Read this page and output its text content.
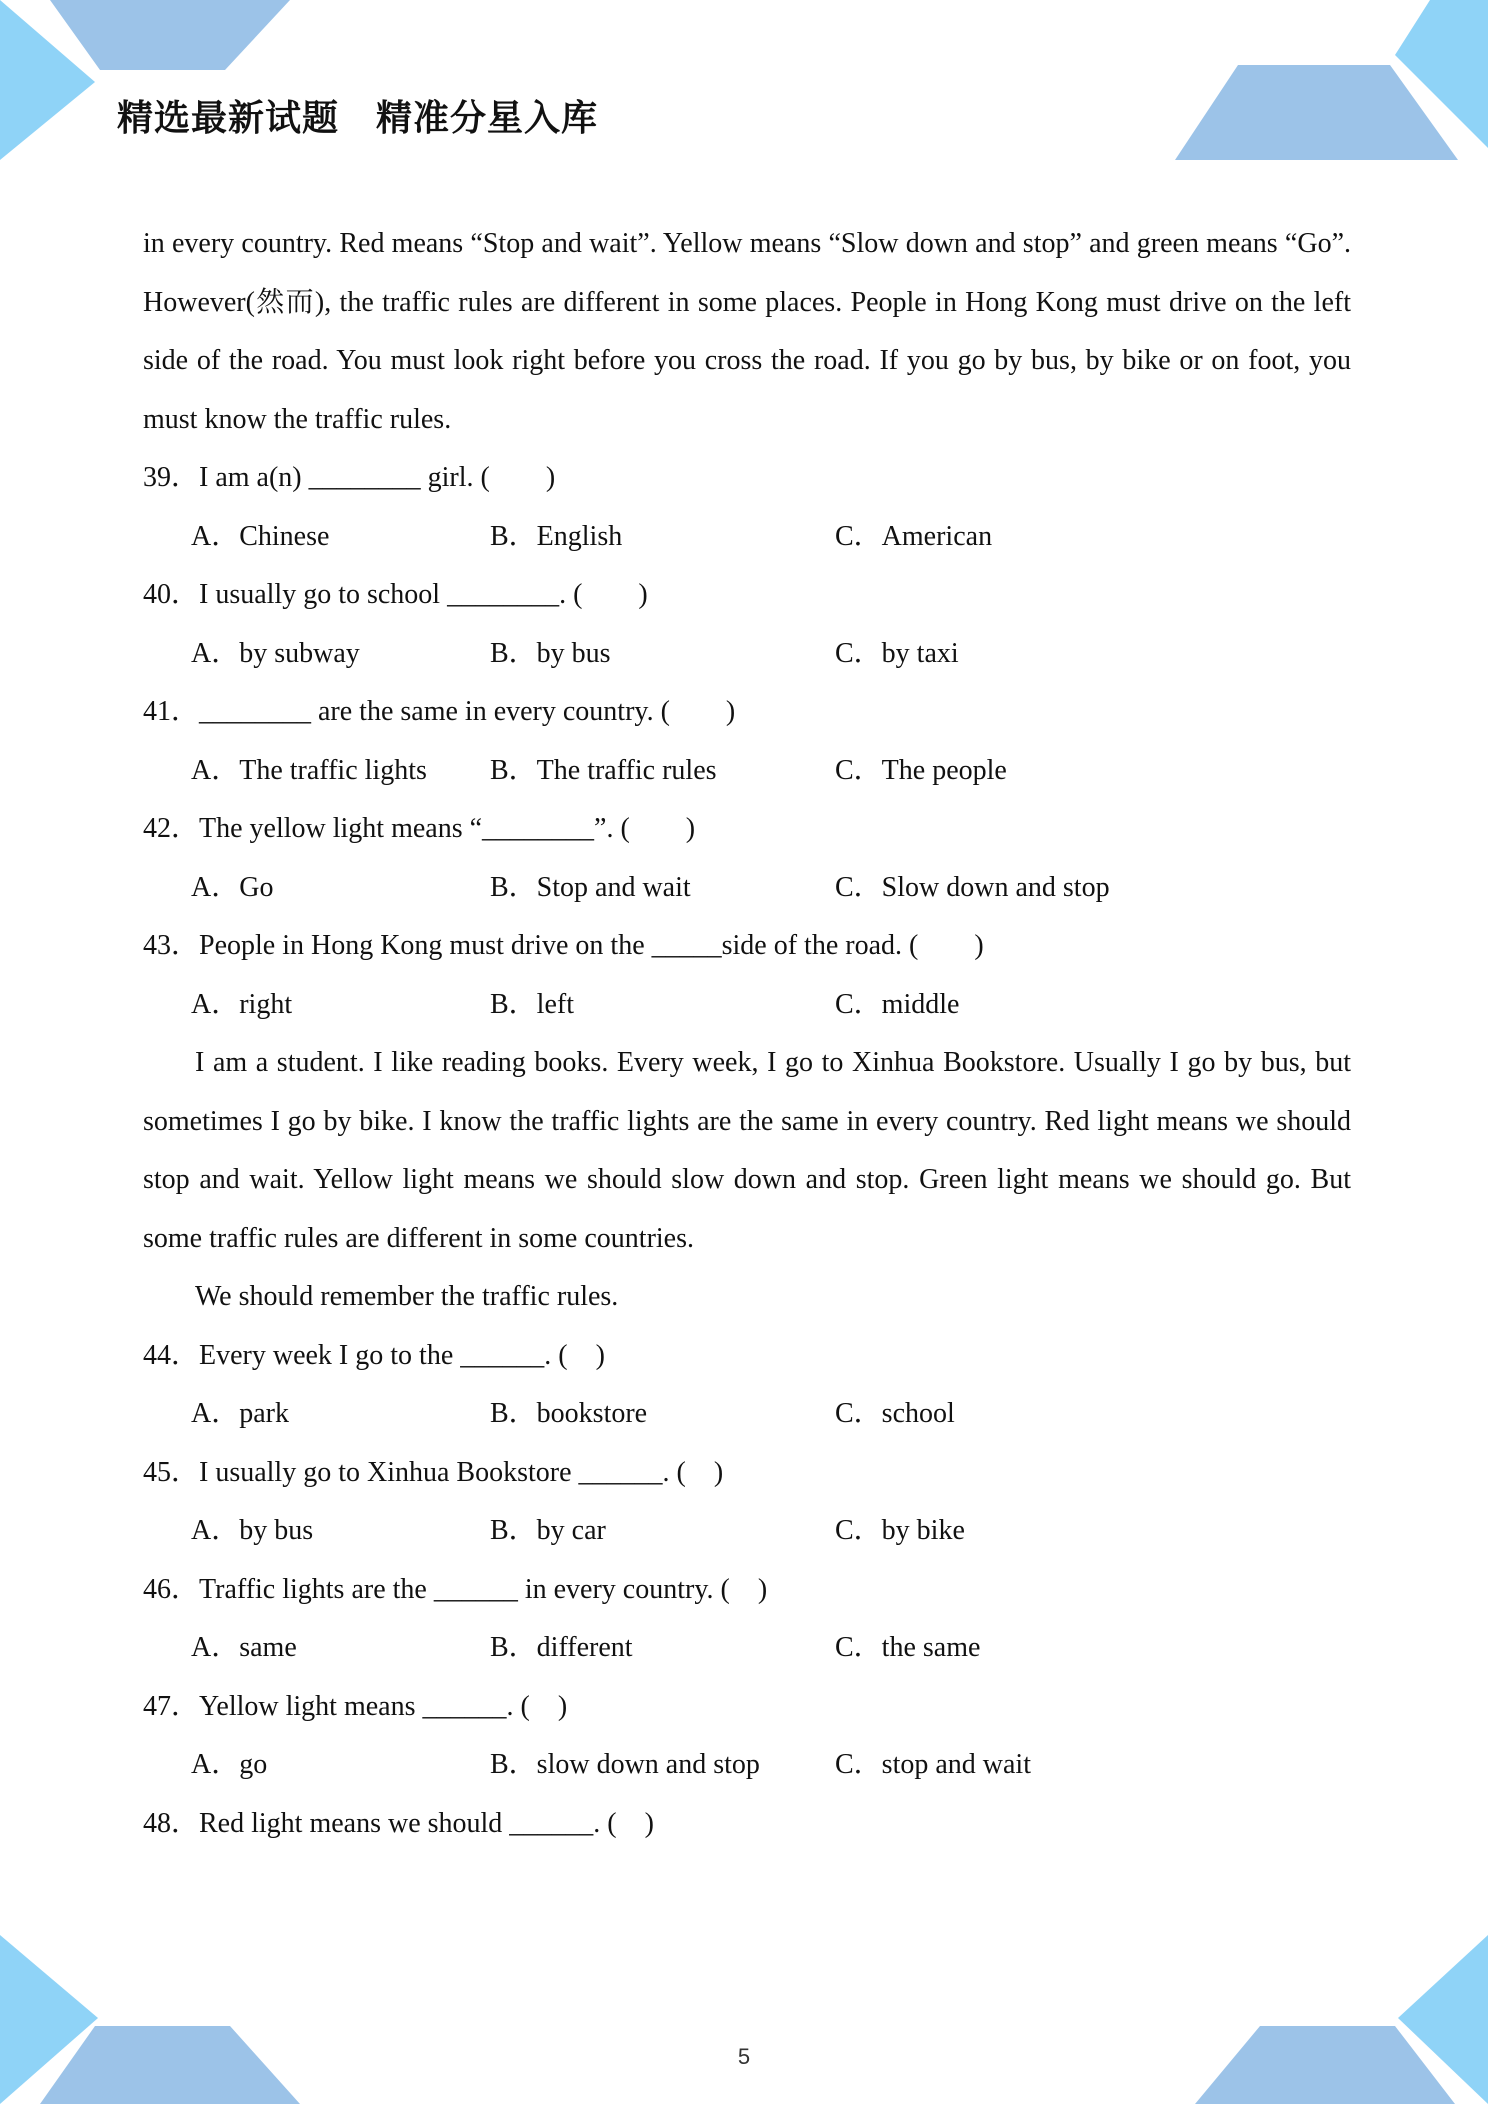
精选最新试题　精准分星入库

in every country. Red means “Stop and wait”. Yellow means “Slow down and stop” and green means “Go”. However(然而), the traffic rules are different in some places. People in Hong Kong must drive on the left side of the road. You must look right before you cross the road. If you go by bus, by bike or on foot, you must know the traffic rules.

39．I am a(n) ________ girl. (　　)
A．Chinese	B．English	C．American
40．I usually go to school ________. (　　)
A．by subway	B．by bus	C．by taxi
41．________ are the same in every country. (　　)
A．The traffic lights B．The traffic rules	C．The people
42．The yellow light means “________”. (　　)
A．Go	B．Stop and wait	C．Slow down and stop
43．People in Hong Kong must drive on the _____side of the road. (　　)
A．right	B．left	C．middle

I am a student. I like reading books. Every week, I go to Xinhua Bookstore. Usually I go by bus, but sometimes I go by bike. I know the traffic lights are the same in every country. Red light means we should stop and wait. Yellow light means we should slow down and stop. Green light means we should go. But some traffic rules are different in some countries.

We should remember the traffic rules.

44．Every week I go to the ______. (　)
A．park	B．bookstore	C．school
45．I usually go to Xinhua Bookstore ______. (　)
A．by bus	B．by car	C．by bike
46．Traffic lights are the ______ in every country. (　)
A．same	B．different	C．the same
47．Yellow light means ______. (　)
A．go	B．slow down and stop	C．stop and wait
48．Red light means we should ______. (　)
5
